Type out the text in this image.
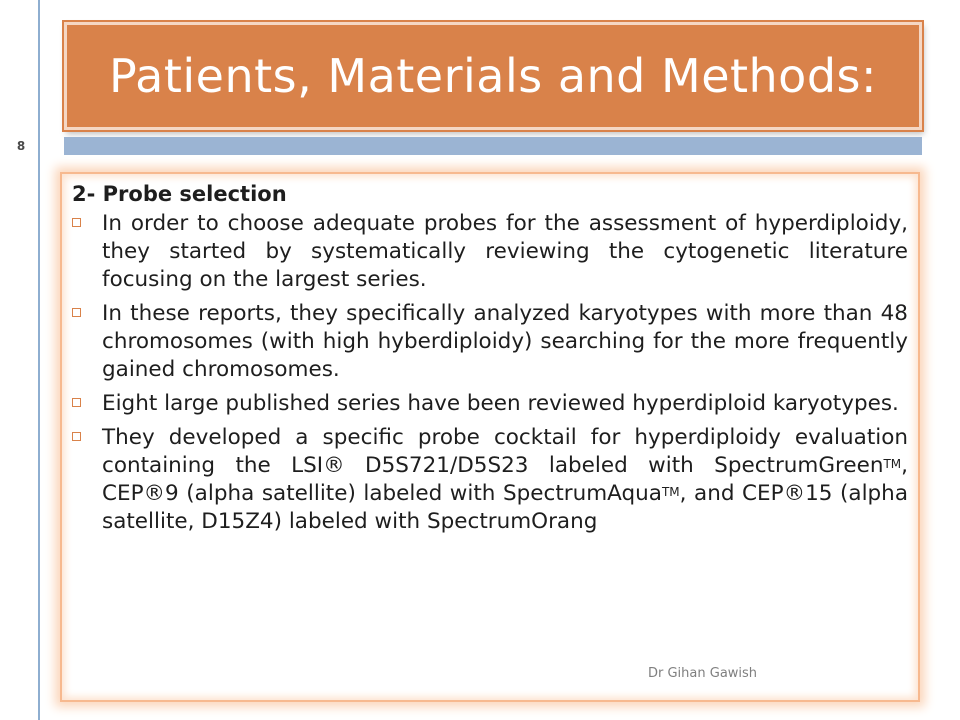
Patients, Materials and Methods:
8

2- Probe selection

In order to choose adequate probes for the assessment of hyperdiploidy, they started by systematically reviewing the cytogenetic literature focusing on the largest series.
In these reports, they specifically analyzed karyotypes with more than 48 chromosomes (with high hyberdiploidy) searching for the more frequently gained chromosomes.
Eight large published series have been reviewed hyperdiploid karyotypes.
They developed a specific probe cocktail for hyperdiploidy evaluation containing the LSI® D5S721/D5S23 labeled with SpectrumGreen™, CEP®9 (alpha satellite) labeled with SpectrumAqua™, and CEP®15 (alpha satellite, D15Z4) labeled with SpectrumOrang
Dr Gihan Gawish
